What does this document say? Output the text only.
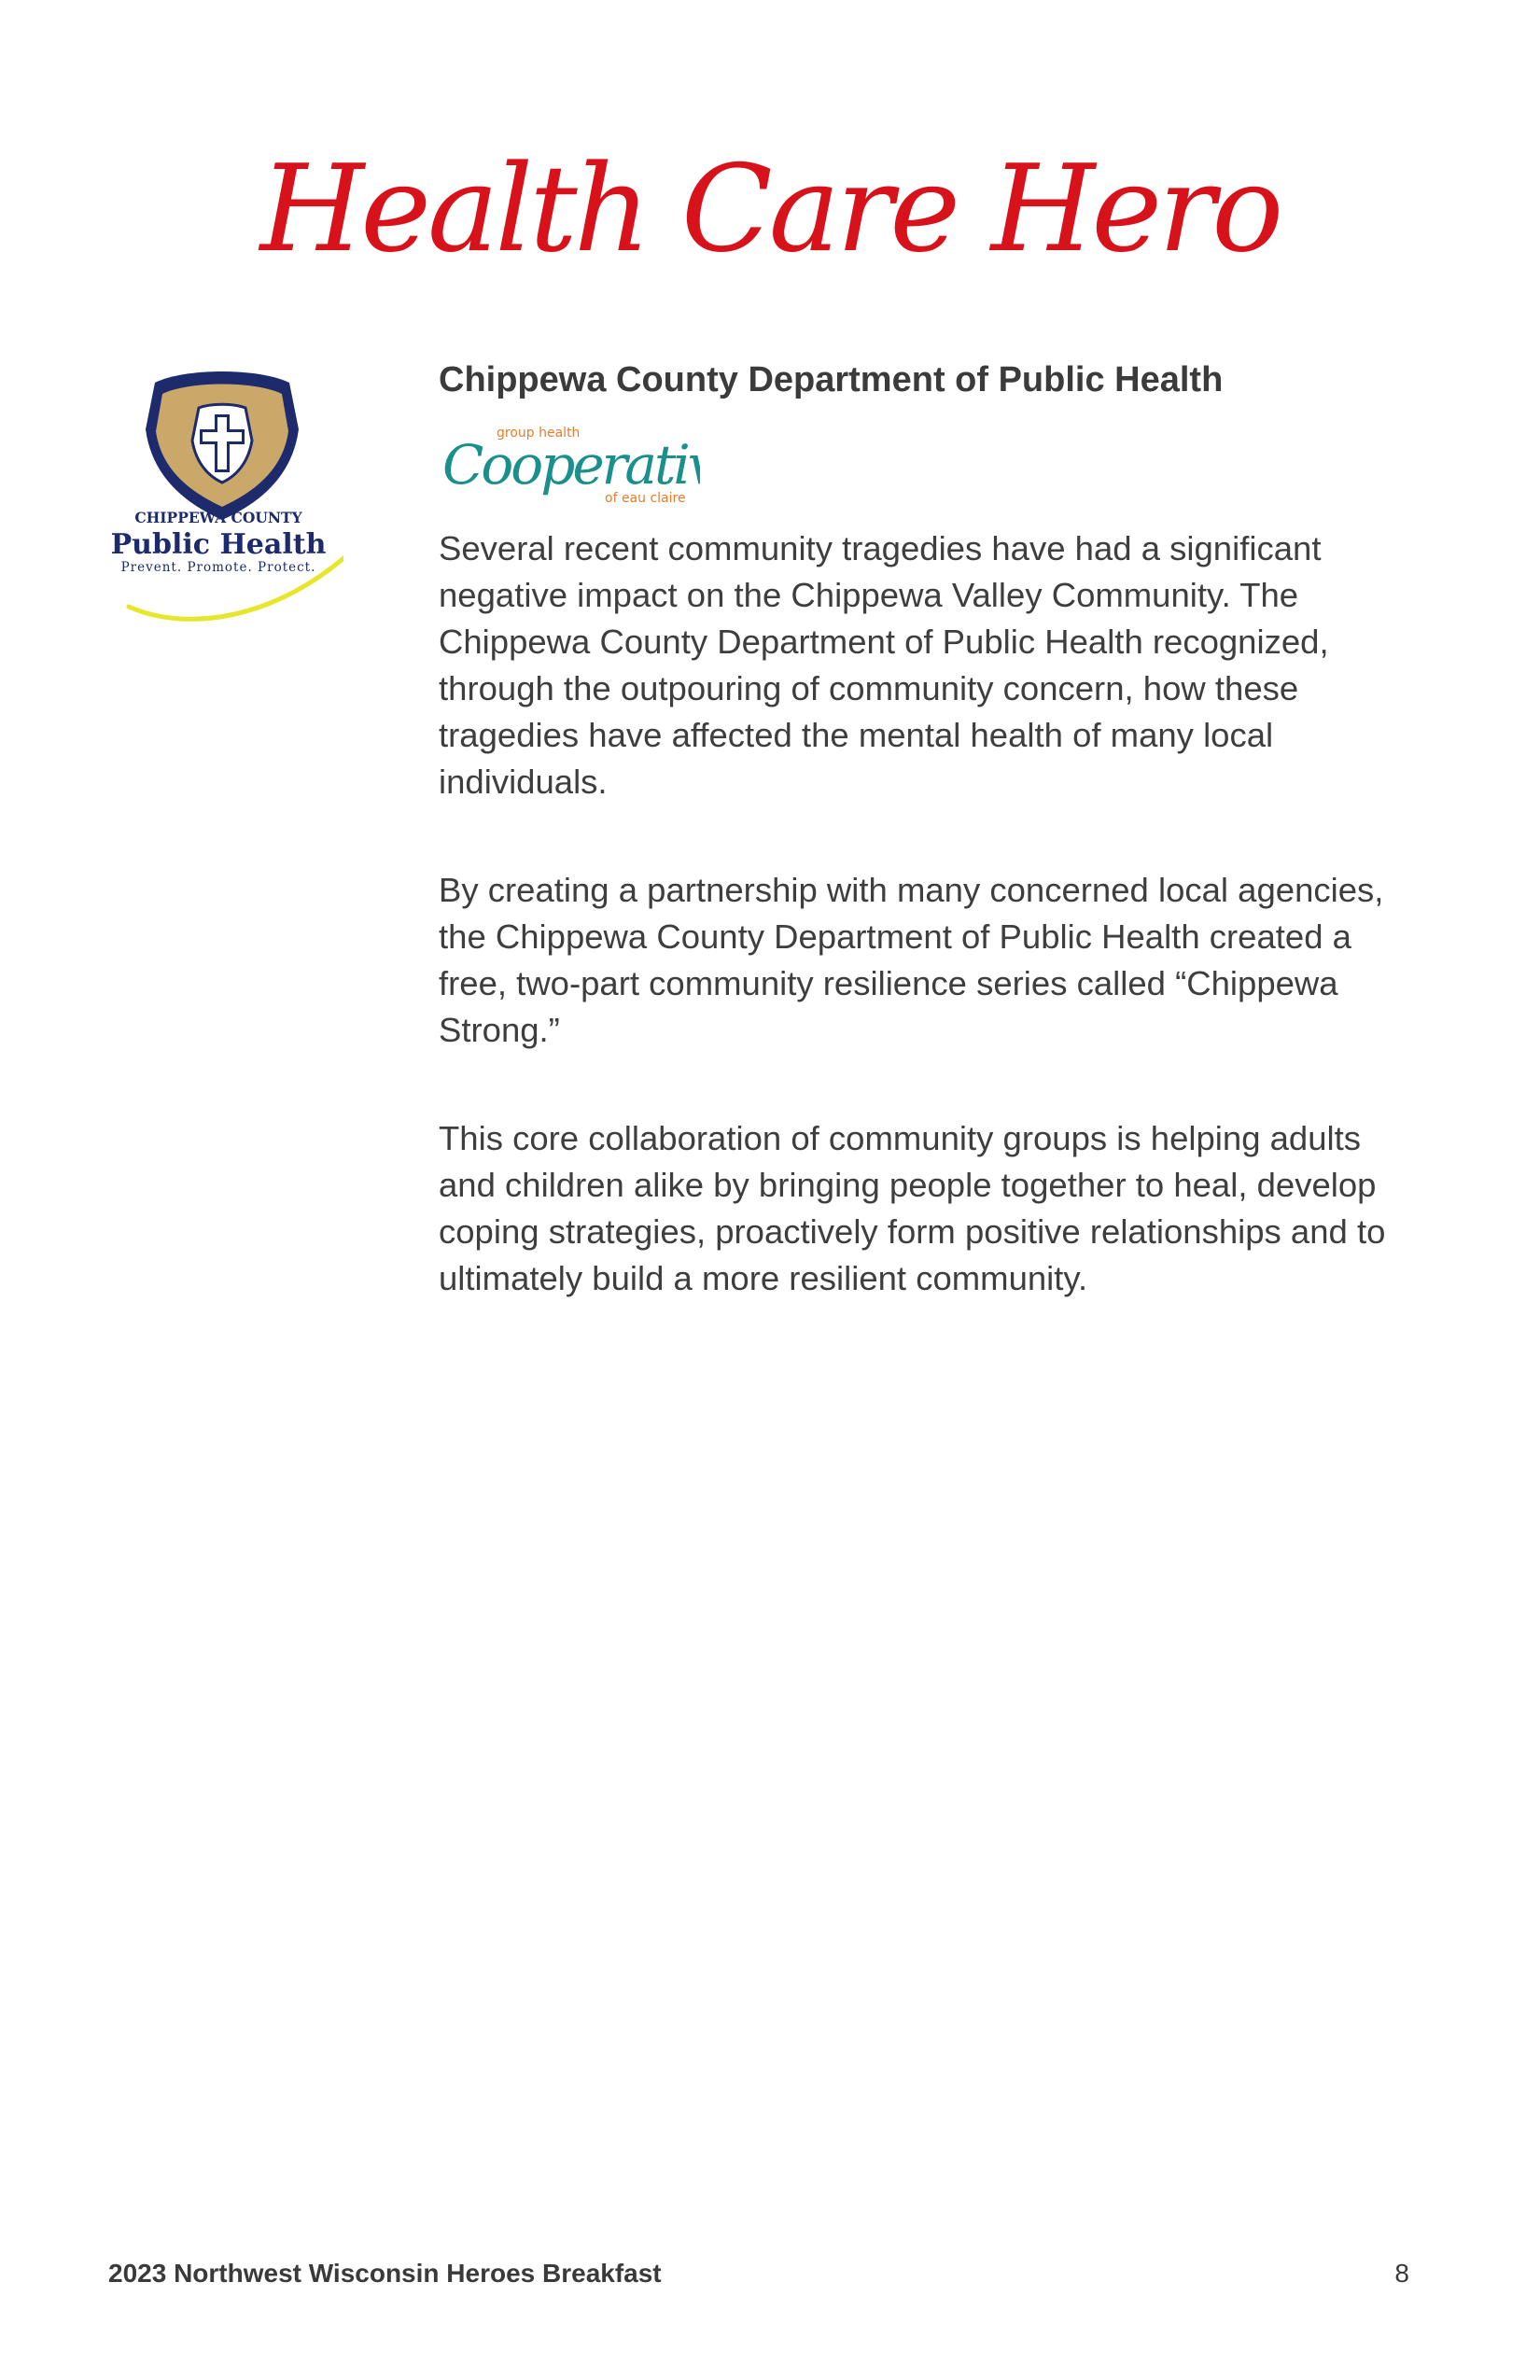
Health Care Hero
CHIPPEWA COUNTY
Public Health
Prevent. Promote. Protect.
Chippewa County Department of Public Health
group health
Cooperati
of eau claire

Several recent community tragedies have had a significant negative impact on the Chippewa Valley Community. The Chippewa County Department of Public Health recognized, through the outpouring of community concern, how these tragedies have affected the mental health of many local individuals.

By creating a partnership with many concerned local agencies, the Chippewa County Department of Public Health created a free, two-part community resilience series called “Chippewa Strong.”

This core collaboration of community groups is helping adults and children alike by bringing people together to heal, develop coping strategies, proactively form positive relationships and to ultimately build a more resilient community.

2023 Northwest Wisconsin Heroes Breakfast	8
